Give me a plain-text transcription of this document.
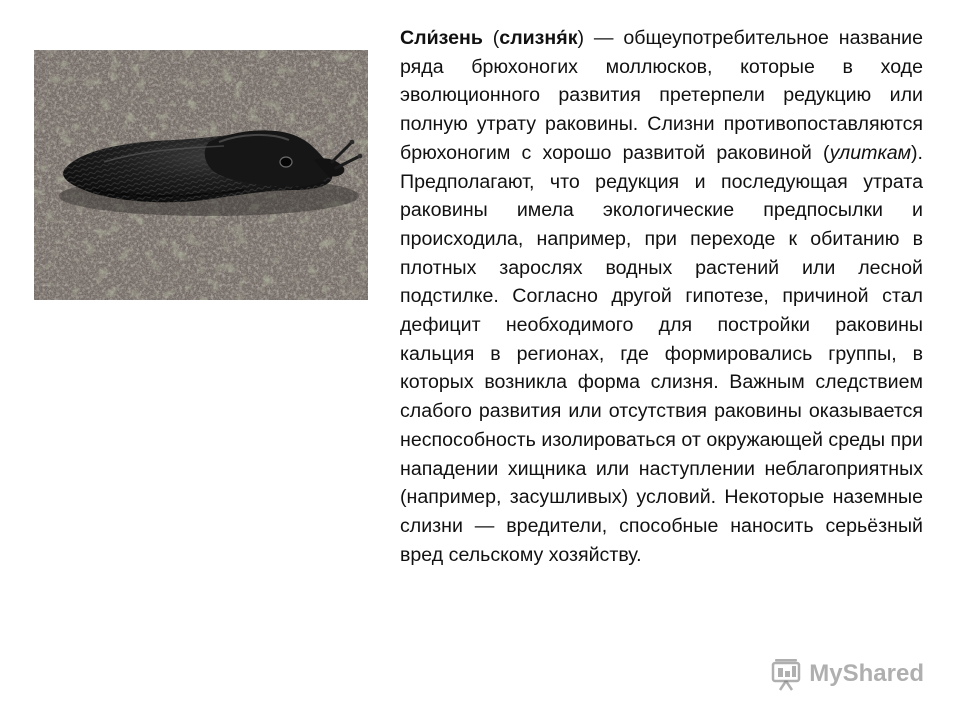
Сли́зень (слизня́к) — общеупотребительное название ряда брюхоногих моллюсков, которые в ходе эволюционного развития претерпели редукцию или полную утрату раковины. Слизни противопоставляются брюхоногим с хорошо развитой раковиной (улиткам). Предполагают, что редукция и последующая утрата раковины имела экологические предпосылки и происходила, например, при переходе к обитанию в плотных зарослях водных растений или лесной подстилке. Согласно другой гипотезе, причиной стал дефицит необходимого для постройки раковины кальция в регионах, где формировались группы, в которых возникла форма слизня. Важным следствием слабого развития или отсутствия раковины оказывается неспособность изолироваться от окружающей среды при нападении хищника или наступлении неблагоприятных (например, засушливых) условий. Некоторые наземные слизни — вредители, способные наносить серьёзный вред сельскому хозяйству.
MyShared
